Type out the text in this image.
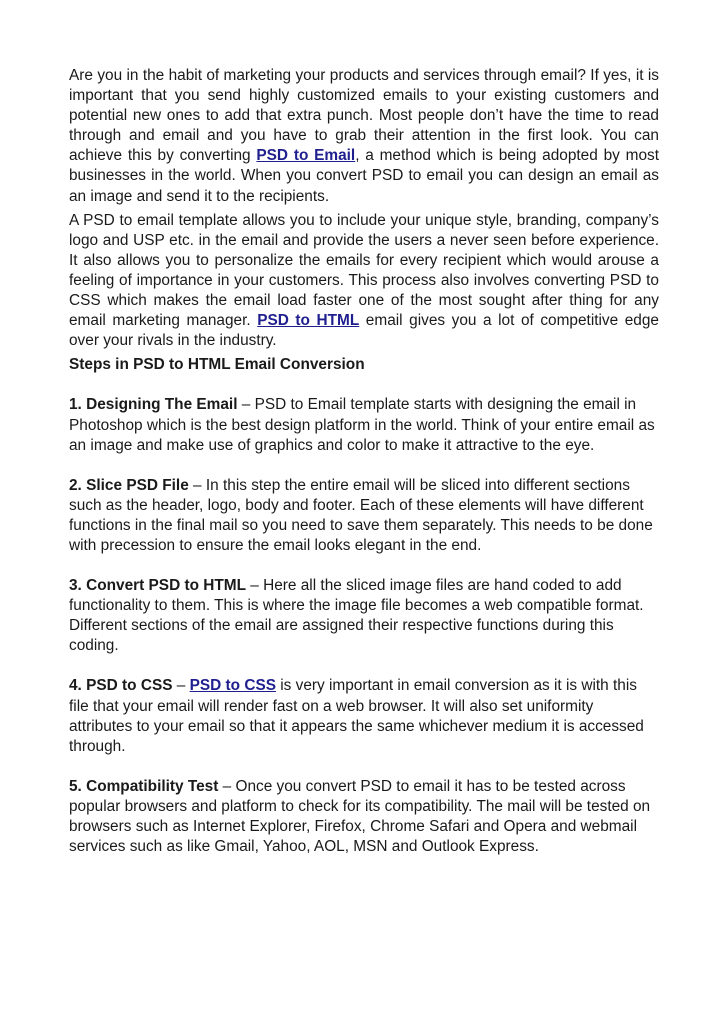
Are you in the habit of marketing your products and services through email? If yes, it is important that you send highly customized emails to your existing customers and potential new ones to add that extra punch. Most people don’t have the time to read through and email and you have to grab their attention in the first look. You can achieve this by converting PSD to Email, a method which is being adopted by most businesses in the world. When you convert PSD to email you can design an email as an image and send it to the recipients.

A PSD to email template allows you to include your unique style, branding, company’s logo and USP etc. in the email and provide the users a never seen before experience. It also allows you to personalize the emails for every recipient which would arouse a feeling of importance in your customers. This process also involves converting PSD to CSS which makes the email load faster one of the most sought after thing for any email marketing manager. PSD to HTML email gives you a lot of competitive edge over your rivals in the industry.

Steps in PSD to HTML Email Conversion

1. Designing The Email – PSD to Email template starts with designing the email in Photoshop which is the best design platform in the world. Think of your entire email as an image and make use of graphics and color to make it attractive to the eye.

2. Slice PSD File – In this step the entire email will be sliced into different sections such as the header, logo, body and footer. Each of these elements will have different functions in the final mail so you need to save them separately. This needs to be done with precession to ensure the email looks elegant in the end.

3. Convert PSD to HTML – Here all the sliced image files are hand coded to add functionality to them. This is where the image file becomes a web compatible format. Different sections of the email are assigned their respective functions during this coding.

4. PSD to CSS – PSD to CSS is very important in email conversion as it is with this file that your email will render fast on a web browser. It will also set uniformity attributes to your email so that it appears the same whichever medium it is accessed through.

5. Compatibility Test – Once you convert PSD to email it has to be tested across popular browsers and platform to check for its compatibility. The mail will be tested on browsers such as Internet Explorer, Firefox, Chrome Safari and Opera and webmail services such as like Gmail, Yahoo, AOL, MSN and Outlook Express.
